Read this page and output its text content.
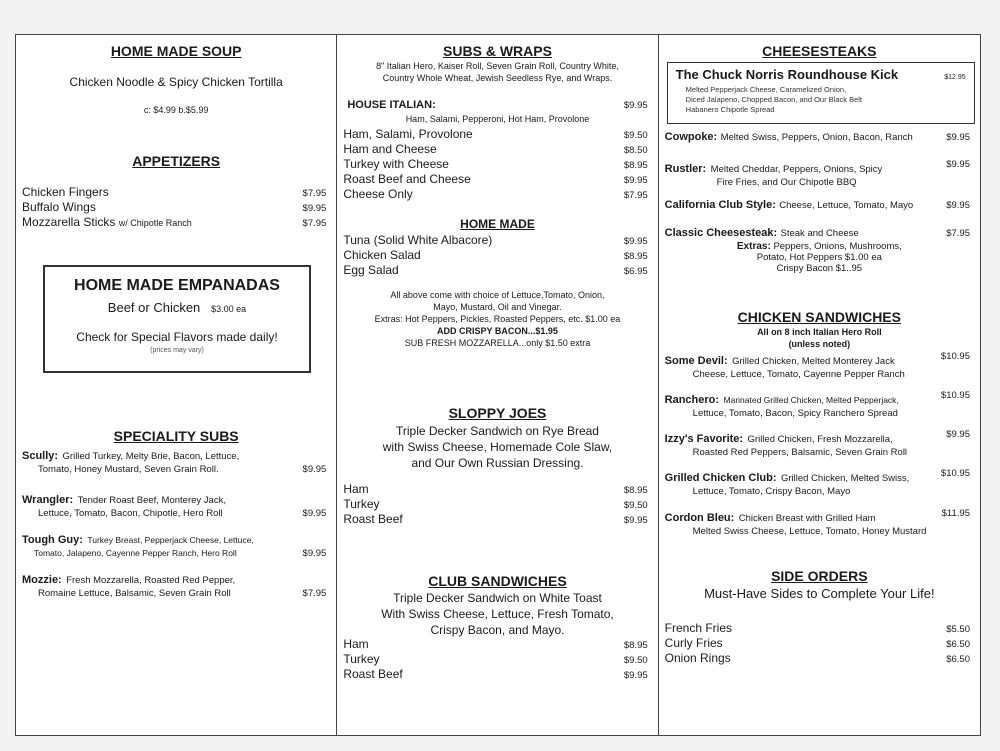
HOME MADE SOUP
Chicken Noodle & Spicy Chicken Tortilla
c: $4.99 b.$5.99
APPETIZERS
Chicken Fingers	$7.95
Buffalo Wings	$9.95
Mozzarella Sticks w/ Chipotle Ranch	$7.95
HOME MADE EMPANADAS
Beef or Chicken $3.00 ea
Check for Special Flavors made daily!
(prices may vary)
SPECIALITY SUBS
Scully: Grilled Turkey, Melty Brie, Bacon, Lettuce,
Tomato, Honey Mustard, Seven Grain Roll.	$9.95
Wrangler: Tender Roast Beef, Monterey Jack,
Lettuce, Tomato, Bacon, Chipotle, Hero Roll	$9.95
Tough Guy: Turkey Breast, Pepperjack Cheese, Lettuce,
Tomato, Jalapeno, Cayenne Pepper Ranch, Hero Roll	$9.95
Mozzie: Fresh Mozzarella, Roasted Red Pepper,
Romaine Lettuce, Balsamic, Seven Grain Roll	$7.95
SUBS & WRAPS
8" Italian Hero, Kaiser Roll, Seven Grain Roll, Country White,
Country Whole Wheat, Jewish Seedless Rye, and Wraps.
HOUSE ITALIAN:	$9.95
Ham, Salami, Pepperoni, Hot Ham, Provolone
Ham, Salami, Provolone	$9.50
Ham and Cheese	$8.50
Turkey with Cheese	$8.95
Roast Beef and Cheese	$9.95
Cheese Only	$7.95
HOME MADE
Tuna (Solid White Albacore)	$9.95
Chicken Salad	$8.95
Egg Salad	$6.95
All above come with choice of Lettuce,Tomato, Onion,
Mayo, Mustard, Oil and Vinegar.
Extras: Hot Peppers, Pickles, Roasted Peppers, etc. $1.00 ea
ADD CRISPY BACON...$1.95
SUB FRESH MOZZARELLA...only $1.50 extra
SLOPPY JOES
Triple Decker Sandwich on Rye Bread
with Swiss Cheese, Homemade Cole Slaw,
and Our Own Russian Dressing.
Ham	$8.95
Turkey	$9.50
Roast Beef	$9.95
CLUB SANDWICHES
Triple Decker Sandwich on White Toast
With Swiss Cheese, Lettuce, Fresh Tomato,
Crispy Bacon, and Mayo.
Ham	$8.95
Turkey	$9.50
Roast Beef	$9.95
CHEESESTEAKS
The Chuck Norris Roundhouse Kick	$12.95
Melted Pepperjack Cheese, Caramelized Onion,
Diced Jalapeno, Chopped Bacon, and Our Black Belt
Habanero Chipotle Spread
Cowpoke: Melted Swiss, Peppers, Onion, Bacon, Ranch	$9.95
Rustler: Melted Cheddar, Peppers, Onions, Spicy	$9.95
Fire Fries, and Our Chipotle BBQ
California Club Style: Cheese, Lettuce, Tomato, Mayo	$9.95
Classic Cheesesteak: Steak and Cheese	$7.95
Extras: Peppers, Onions, Mushrooms,
Potato, Hot Peppers $1.00 ea
Crispy Bacon $1..95
CHICKEN SANDWICHES
All on 8 inch Italian Hero Roll
(unless noted)
Some Devil: Grilled Chicken, Melted Monterey Jack	$10.95
Cheese, Lettuce, Tomato, Cayenne Pepper Ranch
Ranchero: Marinated Grilled Chicken, Melted Pepperjack,	$10.95
Lettuce, Tomato, Bacon, Spicy Ranchero Spread
Izzy's Favorite: Grilled Chicken, Fresh Mozzarella,	$9.95
Roasted Red Peppers, Balsamic, Seven Grain Roll
Grilled Chicken Club: Grilled Chicken, Melted Swiss,	$10.95
Lettuce, Tomato, Crispy Bacon, Mayo
Cordon Bleu: Chicken Breast with Grilled Ham	$11.95
Melted Swiss Cheese, Lettuce, Tomato, Honey Mustard
SIDE ORDERS
Must-Have Sides to Complete Your Life!
French Fries	$5.50
Curly Fries	$6.50
Onion Rings	$6.50
